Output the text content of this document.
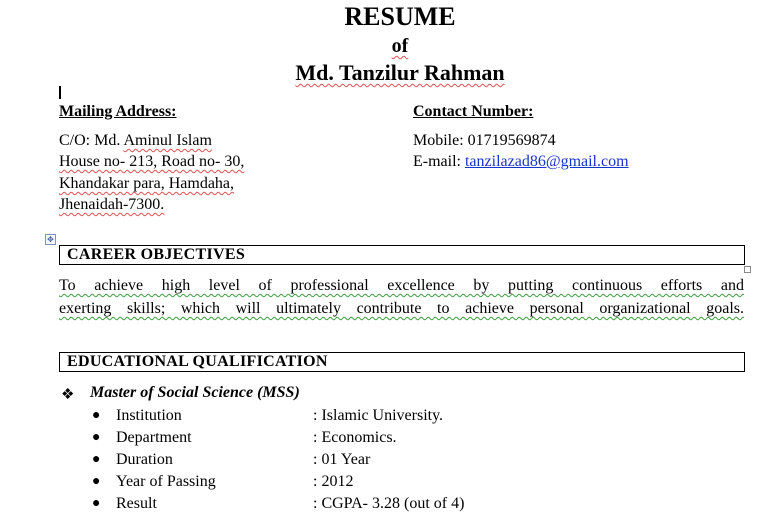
RESUME
of
Md. Tanzilur Rahman
Mailing Address:
C/O: Md. Aminul Islam
House no- 213, Road no- 30,
Khandakar para, Hamdaha,
Jhenaidah-7300.
Contact Number:
Mobile: 01719569874
E-mail: tanzilazad86@gmail.com
✥
CAREER OBJECTIVES
To achieve high level of professional excellence by putting continuous efforts and
exerting skills; which will ultimately contribute to achieve personal organizational goals.
EDUCATIONAL QUALIFICATION
❖ Master of Social Science (MSS)
● Institution	: Islamic University.
● Department	: Economics.
● Duration	: 01 Year
● Year of Passing	: 2012
● Result	: CGPA- 3.28 (out of 4)
